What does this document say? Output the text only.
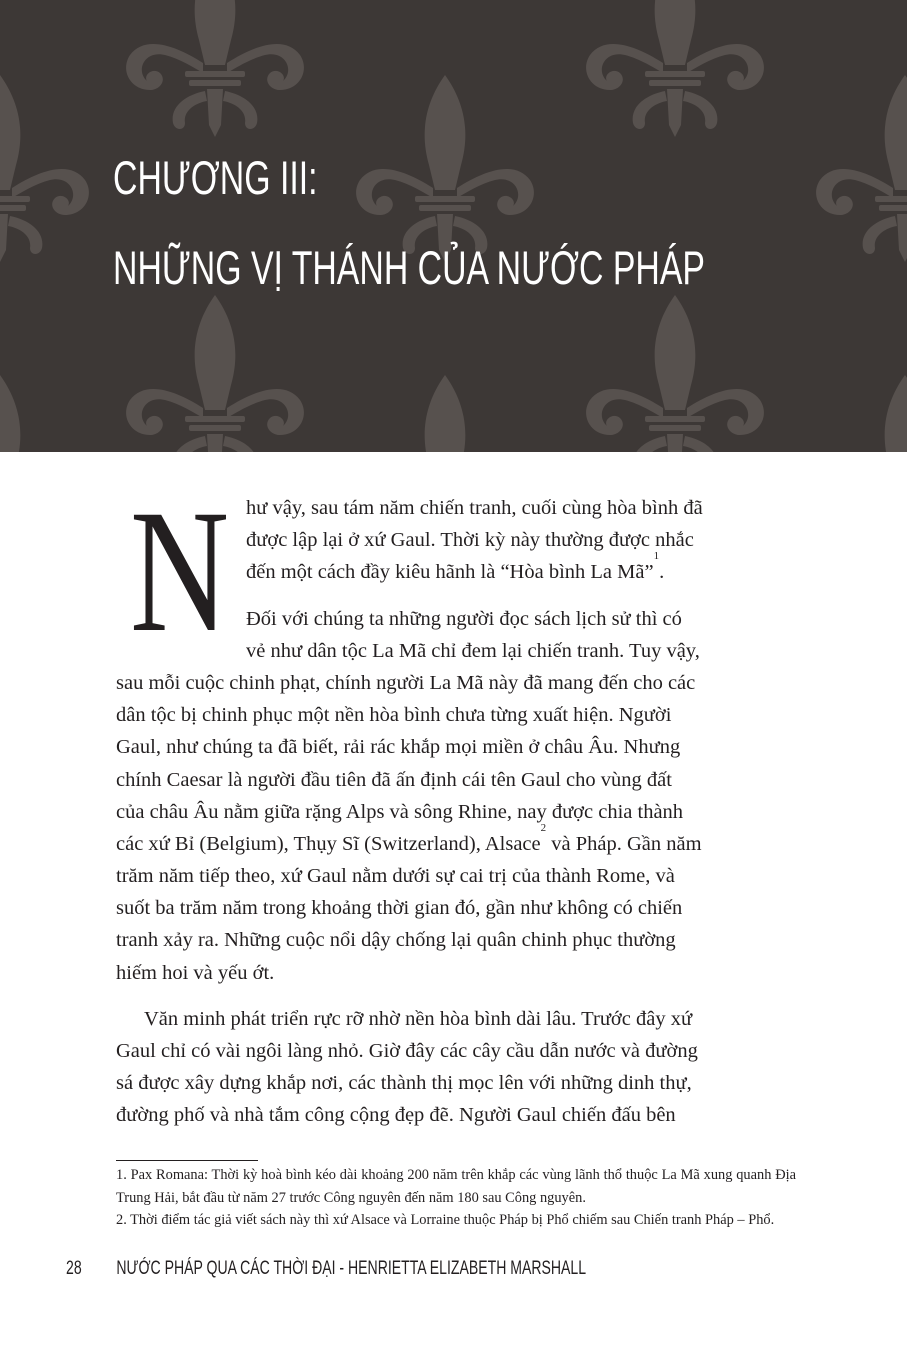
CHƯƠNG III:
NHỮNG VỊ THÁNH CỦA NƯỚC PHÁP
N hư vậy, sau tám năm chiến tranh, cuối cùng hòa bình đã
được lập lại ở xứ Gaul. Thời kỳ này thường được nhắc
đến một cách đầy kiêu hãnh là “Hòa bình La Mã”
1
.
Đối với chúng ta những người đọc sách lịch sử thì có
vẻ như dân tộc La Mã chỉ đem lại chiến tranh. Tuy vậy,
sau mỗi cuộc chinh phạt, chính người La Mã này đã mang đến cho các
dân tộc bị chinh phục một nền hòa bình chưa từng xuất hiện. Người
Gaul, như chúng ta đã biết, rải rác khắp mọi miền ở châu Âu. Nhưng
chính Caesar là người đầu tiên đã ấn định cái tên Gaul cho vùng đất
của châu Âu nằm giữa rặng Alps và sông Rhine, nay được chia thành
các xứ Bỉ (Belgium), Thụy Sĩ (Switzerland), Alsace
2
và Pháp. Gần năm
trăm năm tiếp theo, xứ Gaul nằm dưới sự cai trị của thành Rome, và
suốt ba trăm năm trong khoảng thời gian đó, gần như không có chiến
tranh xảy ra. Những cuộc nổi dậy chống lại quân chinh phục thường
hiếm hoi và yếu ớt.
Văn minh phát triển rực rỡ nhờ nền hòa bình dài lâu. Trước đây xứ
Gaul chỉ có vài ngôi làng nhỏ. Giờ đây các cây cầu dẫn nước và đường
sá được xây dựng khắp nơi, các thành thị mọc lên với những dinh thự,
đường phố và nhà tắm công cộng đẹp đẽ. Người Gaul chiến đấu bên
1. Pax Romana: Thời kỳ hoà bình kéo dài khoảng 200 năm trên khắp các vùng lãnh thổ thuộc La Mã xung quanh Địa Trung Hải, bắt đầu từ năm 27 trước Công nguyên đến năm 180 sau Công nguyên.
2. Thời điểm tác giả viết sách này thì xứ Alsace và Lorraine thuộc Pháp bị Phổ chiếm sau Chiến tranh Pháp – Phổ.
28 NƯỚC PHÁP QUA CÁC THỜI ĐẠI - HENRIETTA ELIZABETH MARSHALL
